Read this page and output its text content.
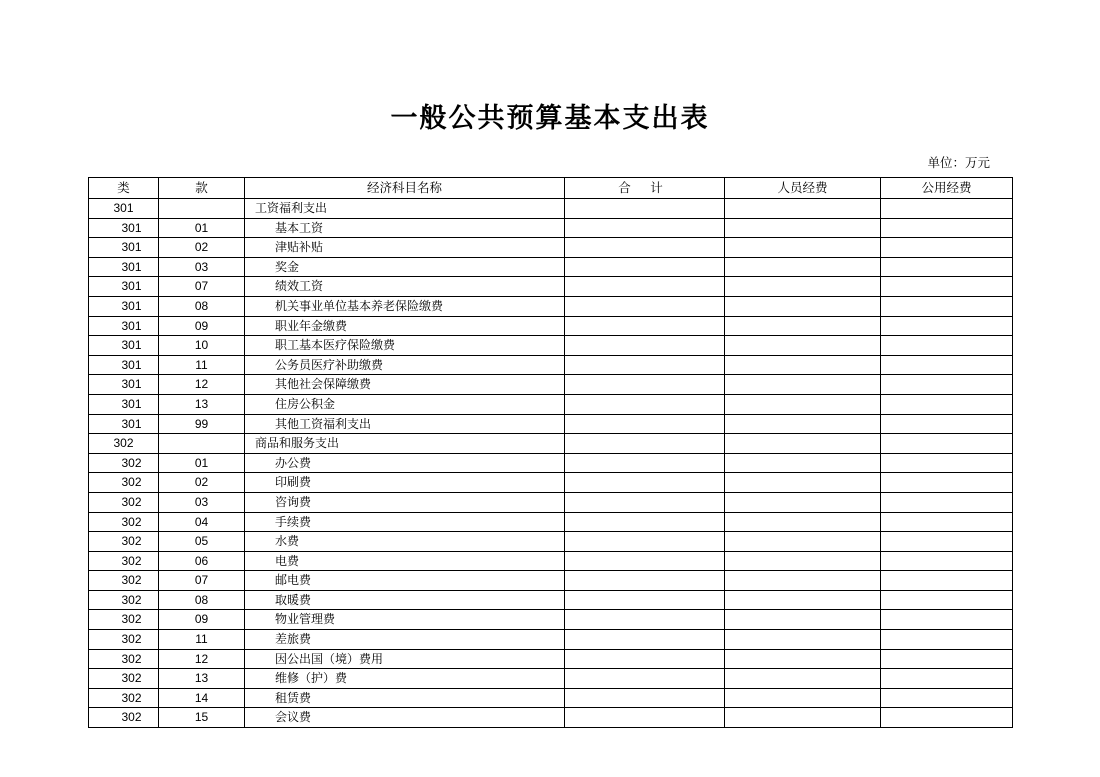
一般公共预算基本支出表

单位：万元

类	款	经济科目名称	合 计	人员经费	公用经费
301		工资福利支出			
301	01	基本工资			
301	02	津贴补贴			
301	03	奖金			
301	07	绩效工资			
301	08	机关事业单位基本养老保险缴费			
301	09	职业年金缴费			
301	10	职工基本医疗保险缴费			
301	11	公务员医疗补助缴费			
301	12	其他社会保障缴费			
301	13	住房公积金			
301	99	其他工资福利支出			
302		商品和服务支出			
302	01	办公费			
302	02	印刷费			
302	03	咨询费			
302	04	手续费			
302	05	水费			
302	06	电费			
302	07	邮电费			
302	08	取暖费			
302	09	物业管理费			
302	11	差旅费			
302	12	因公出国（境）费用			
302	13	维修（护）费			
302	14	租赁费			
302	15	会议费			
